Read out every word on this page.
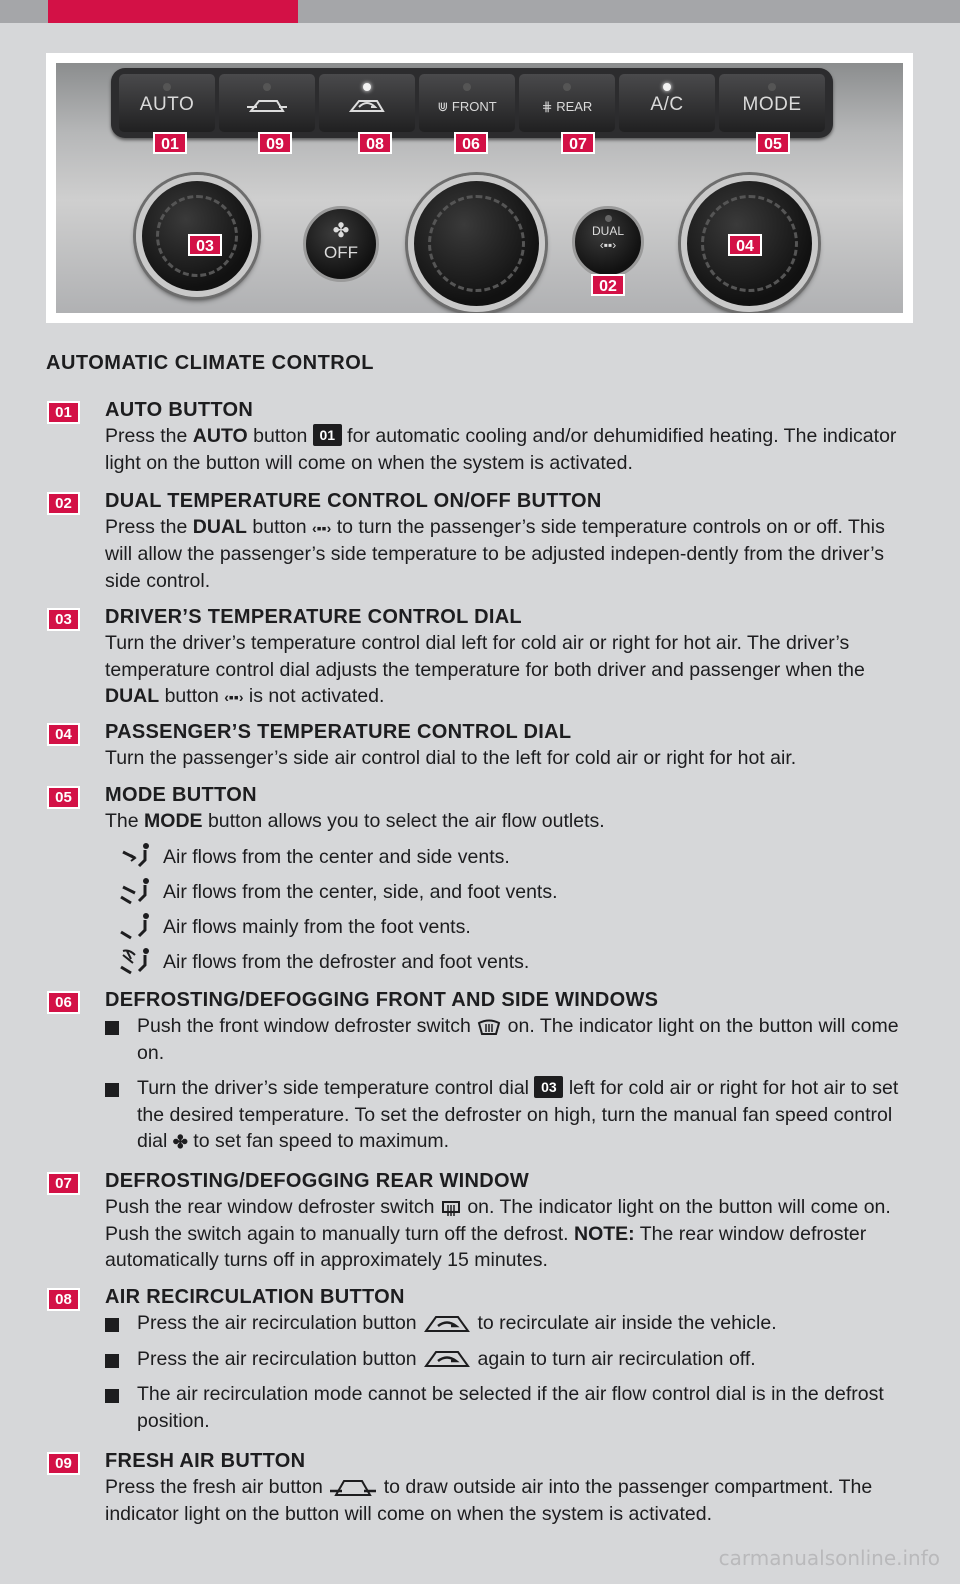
AUTO	⋓ FRONT	⋕ REAR	A/C	MODE
✤
OFF
DUAL
‹▪▪›
01	09	08	06	07	05
03	04
02
AUTOMATIC CLIMATE CONTROL
01	AUTO BUTTON

Press the AUTO button 01 for automatic cooling and/or dehumidified heating. The indicator light on the button will come on when the system is activated.

02	DUAL TEMPERATURE CONTROL ON/OFF BUTTON

Press the DUAL button ‹▪▪› to turn the passenger’s side temperature controls on or off. This will allow the passenger’s side temperature to be adjusted indepen-dently from the driver’s side control.

03	DRIVER’S TEMPERATURE CONTROL DIAL

Turn the driver’s temperature control dial left for cold air or right for hot air. The driver’s temperature control dial adjusts the temperature for both driver and passenger when the DUAL button ‹▪▪› is not activated.

04	PASSENGER’S TEMPERATURE CONTROL DIAL

Turn the passenger’s side air control dial to the left for cold air or right for hot air.

05	MODE BUTTON

The MODE button allows you to select the air flow outlets.

Air flows from the center and side vents.
Air flows from the center, side, and foot vents.
Air flows mainly from the foot vents.
Air flows from the defroster and foot vents.
06	DEFROSTING/DEFOGGING FRONT AND SIDE WINDOWS

Push the front window defroster switch  on. The indicator light on the button will come on.

Turn the driver’s side temperature control dial 03 left for cold air or right for hot air to set the desired temperature. To set the defroster on high, turn the manual fan speed control dial ✤ to set fan speed to maximum.

07	DEFROSTING/DEFOGGING REAR WINDOW

Push the rear window defroster switch  on. The indicator light on the button will come on. Push the switch again to manually turn off the defrost. NOTE: The rear window defroster automatically turns off in approximately 15 minutes.

08	AIR RECIRCULATION BUTTON

Press the air recirculation button	to recirculate air inside the vehicle.

Press the air recirculation button	again to turn air recirculation off.

The air recirculation mode cannot be selected if the air flow control dial is in the defrost position.

09	FRESH AIR BUTTON

Press the fresh air button	to draw outside air into the passenger compartment. The indicator light on the button will come on when the system is activated.

carmanualsonline.info
